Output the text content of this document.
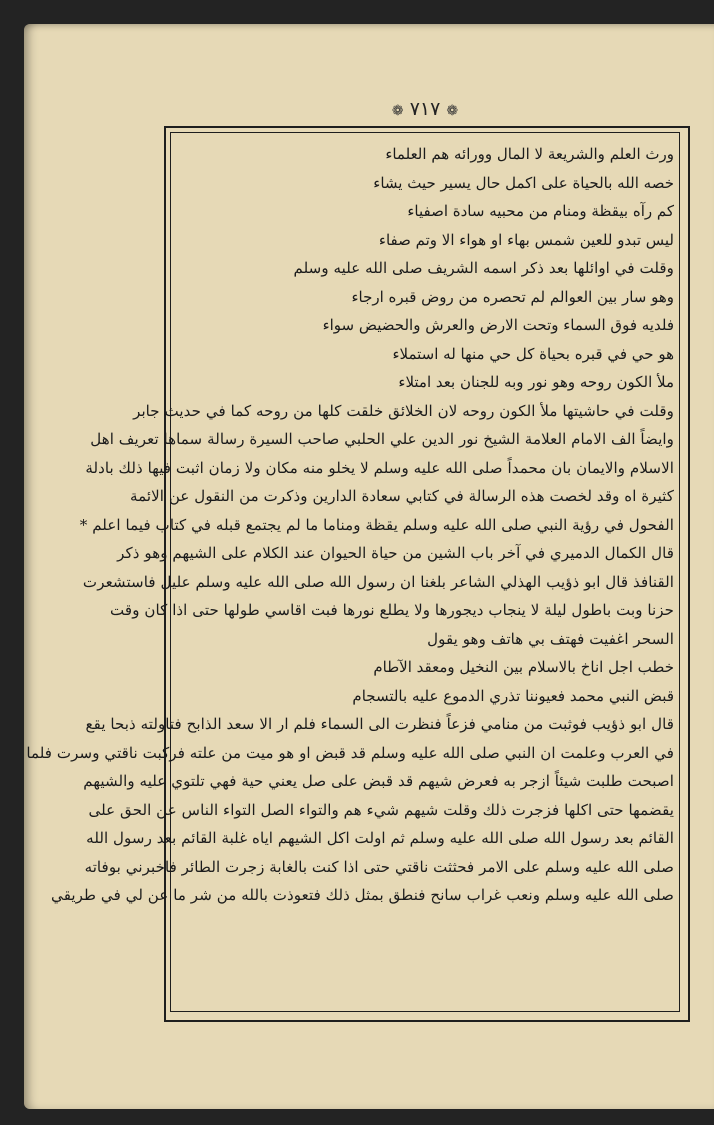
❁ ٧١٧ ❁
ورث العلم والشريعة لا المال وورائه هم العلماء
خصه الله بالحياة على اكمل حال يسير حيث يشاء
كم رآه بيقظة ومنام من محبيه سادة اصفياء
ليس تبدو للعين شمس بهاء او هواء الا وتم صفاء
وقلت في اوائلها بعد ذكر اسمه الشريف صلى الله عليه وسلم
وهو سار بين العوالم لم تحصره من روض قبره ارجاء
فلديه فوق السماء وتحت الارض والعرش والحضيض سواء
هو حي في قبره بحياة كل حي منها له استملاء
ملأ الكون روحه وهو نور وبه للجنان بعد امتلاء
وقلت في حاشيتها ملأ الكون روحه لان الخلائق خلقت كلها من روحه كما في حديث جابر
وايضاً الف الامام العلامة الشيخ نور الدين علي الحلبي صاحب السيرة رسالة سماها تعريف اهل
الاسلام والايمان بان محمداً صلى الله عليه وسلم لا يخلو منه مكان ولا زمان اثبت فيها ذلك بادلة
كثيرة اه وقد لخصت هذه الرسالة في كتابي سعادة الدارين وذكرت من النقول عن الائمة
الفحول في رؤية النبي صلى الله عليه وسلم يقظة ومناما ما لم يجتمع قبله في كتاب فيما اعلم *
قال الكمال الدميري في آخر باب الشين من حياة الحيوان عند الكلام على الشيهم وهو ذكر
القنافذ قال ابو ذؤيب الهذلي الشاعر بلغنا ان رسول الله صلى الله عليه وسلم عليل فاستشعرت
حزنا وبت باطول ليلة لا ينجاب ديجورها ولا يطلع نورها فبت اقاسي طولها حتى اذا كان وقت
السحر اغفيت فهتف بي هاتف وهو يقول
خطب اجل اناخ بالاسلام بين النخيل ومعقد الآطام
قبض النبي محمد فعيوننا تذري الدموع عليه بالتسجام
قال ابو ذؤيب فوثبت من منامي فزعاً فنظرت الى السماء فلم ار الا سعد الذابح فتاولته ذبحا يقع
في العرب وعلمت ان النبي صلى الله عليه وسلم قد قبض او هو ميت من علته فركبت ناقتي وسرت فلما
اصبحت طلبت شيئاً ازجر به فعرض شيهم قد قبض على صل يعني حية فهي تلتوي عليه والشيهم
يقضمها حتى اكلها فزجرت ذلك وقلت شيهم شيء هم والتواء الصل التواء الناس عن الحق على
القائم بعد رسول الله صلى الله عليه وسلم ثم اولت اكل الشيهم اياه غلبة القائم بعد رسول الله
صلى الله عليه وسلم على الامر فحثثت ناقتي حتى اذا كنت بالغابة زجرت الطائر فاخبرني بوفاته
صلى الله عليه وسلم ونعب غراب سانح فنطق بمثل ذلك فتعوذت بالله من شر ما عن لي في طريقي
